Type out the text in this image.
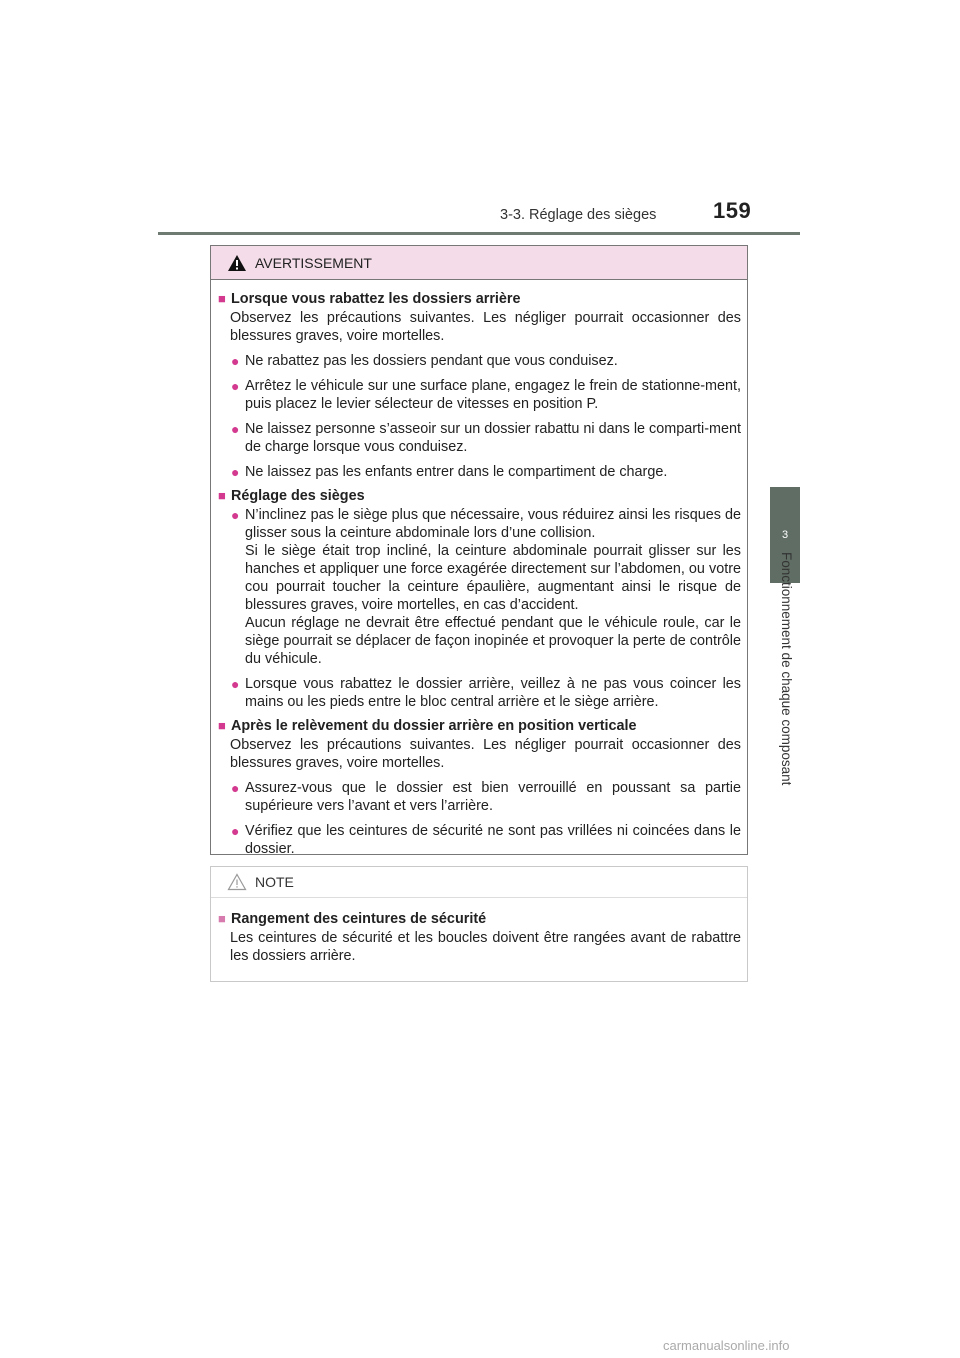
3-3. Réglage des sièges	159
3
Fonctionnement de chaque composant
AVERTISSEMENT
■ Lorsque vous rabattez les dossiers arrière
Observez les précautions suivantes. Les négliger pourrait occasionner des blessures graves, voire mortelles.
● Ne rabattez pas les dossiers pendant que vous conduisez.
● Arrêtez le véhicule sur une surface plane, engagez le frein de stationne-ment, puis placez le levier sélecteur de vitesses en position P.
● Ne laissez personne s’asseoir sur un dossier rabattu ni dans le comparti-ment de charge lorsque vous conduisez.
● Ne laissez pas les enfants entrer dans le compartiment de charge.
■ Réglage des sièges
● N’inclinez pas le siège plus que nécessaire, vous réduirez ainsi les risques de glisser sous la ceinture abdominale lors d’une collision.
Si le siège était trop incliné, la ceinture abdominale pourrait glisser sur les hanches et appliquer une force exagérée directement sur l’abdomen, ou votre cou pourrait toucher la ceinture épaulière, augmentant ainsi le risque de blessures graves, voire mortelles, en cas d’accident.
Aucun réglage ne devrait être effectué pendant que le véhicule roule, car le siège pourrait se déplacer de façon inopinée et provoquer la perte de contrôle du véhicule.
● Lorsque vous rabattez le dossier arrière, veillez à ne pas vous coincer les mains ou les pieds entre le bloc central arrière et le siège arrière.
■ Après le relèvement du dossier arrière en position verticale
Observez les précautions suivantes. Les négliger pourrait occasionner des blessures graves, voire mortelles.
● Assurez-vous que le dossier est bien verrouillé en poussant sa partie supérieure vers l’avant et vers l’arrière.
● Vérifiez que les ceintures de sécurité ne sont pas vrillées ni coincées dans le dossier.
NOTE
■ Rangement des ceintures de sécurité
Les ceintures de sécurité et les boucles doivent être rangées avant de rabattre les dossiers arrière.
carmanualsonline.info
